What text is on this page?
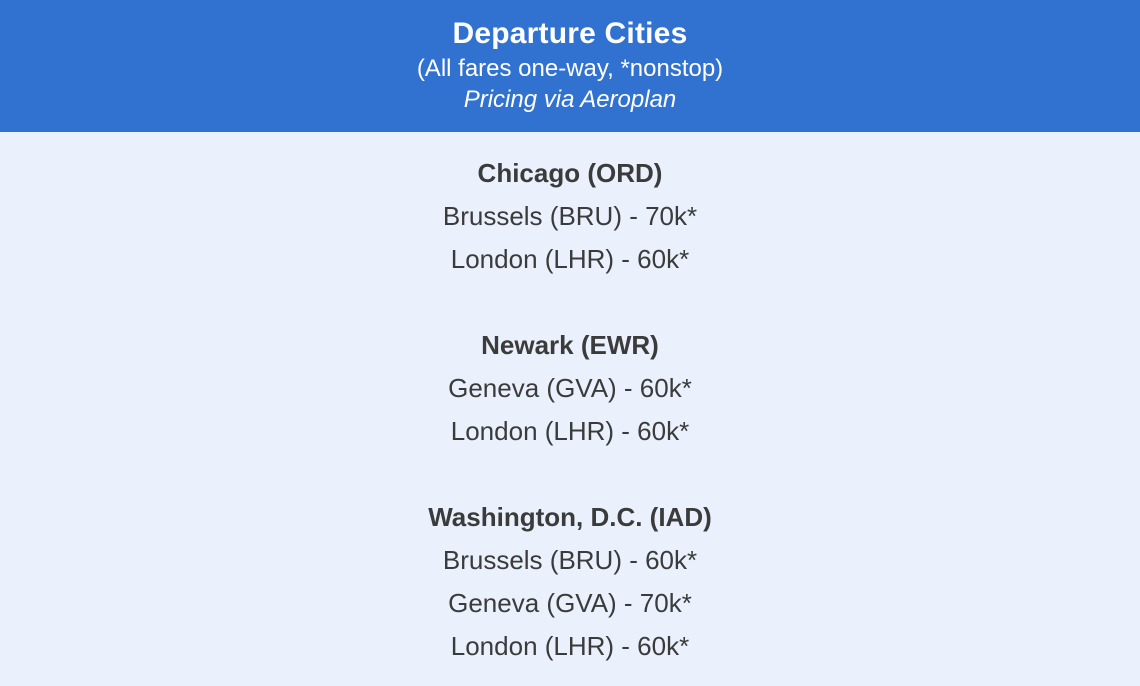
Departure Cities
(All fares one-way, *nonstop)
Pricing via Aeroplan
Chicago (ORD)
Brussels (BRU) - 70k*
London (LHR) - 60k*
Newark (EWR)
Geneva (GVA) - 60k*
London (LHR) - 60k*
Washington, D.C. (IAD)
Brussels (BRU) - 60k*
Geneva (GVA) - 70k*
London (LHR) - 60k*
